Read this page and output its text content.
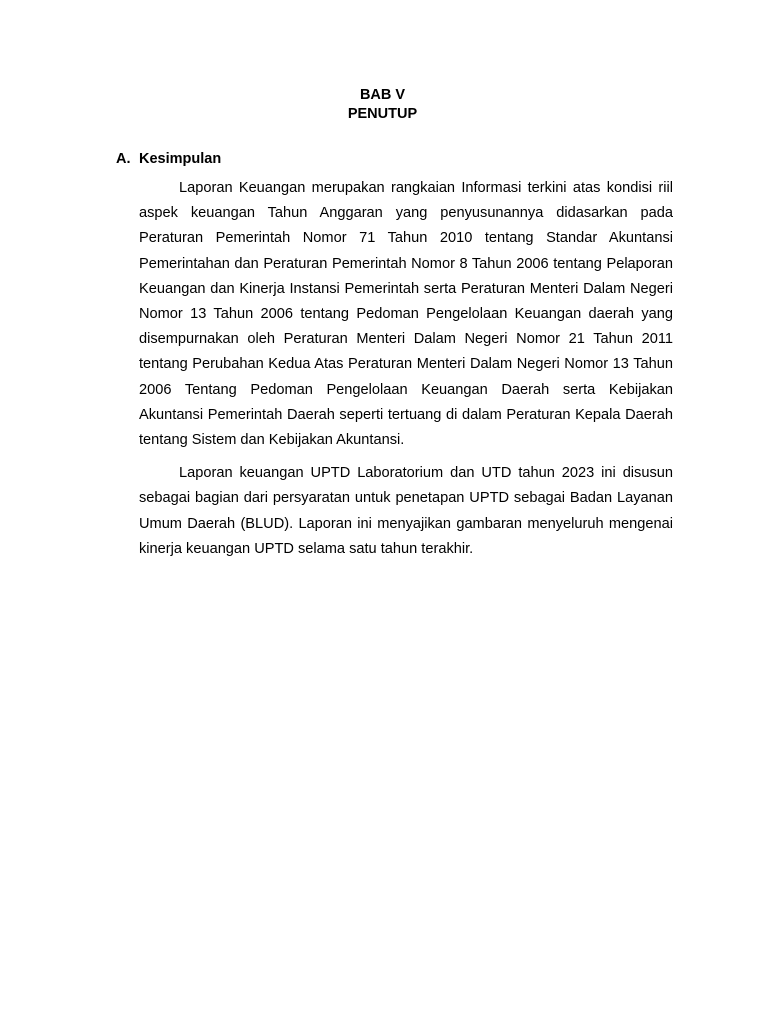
BAB V
PENUTUP
A. Kesimpulan

Laporan Keuangan merupakan rangkaian Informasi terkini atas kondisi riil aspek keuangan Tahun Anggaran yang penyusunannya didasarkan pada Peraturan Pemerintah Nomor 71 Tahun 2010 tentang Standar Akuntansi Pemerintahan dan Peraturan Pemerintah Nomor 8 Tahun 2006 tentang Pelaporan Keuangan dan Kinerja Instansi Pemerintah serta Peraturan Menteri Dalam Negeri Nomor 13 Tahun 2006 tentang Pedoman Pengelolaan Keuangan daerah yang disempurnakan oleh Peraturan Menteri Dalam Negeri Nomor 21 Tahun 2011 tentang Perubahan Kedua Atas Peraturan Menteri Dalam Negeri Nomor 13 Tahun 2006 Tentang Pedoman Pengelolaan Keuangan Daerah serta Kebijakan Akuntansi Pemerintah Daerah seperti tertuang di dalam Peraturan Kepala Daerah tentang Sistem dan Kebijakan Akuntansi.

Laporan keuangan UPTD Laboratorium dan UTD tahun 2023 ini disusun sebagai bagian dari persyaratan untuk penetapan UPTD sebagai Badan Layanan Umum Daerah (BLUD). Laporan ini menyajikan gambaran menyeluruh mengenai kinerja keuangan UPTD selama satu tahun terakhir.
